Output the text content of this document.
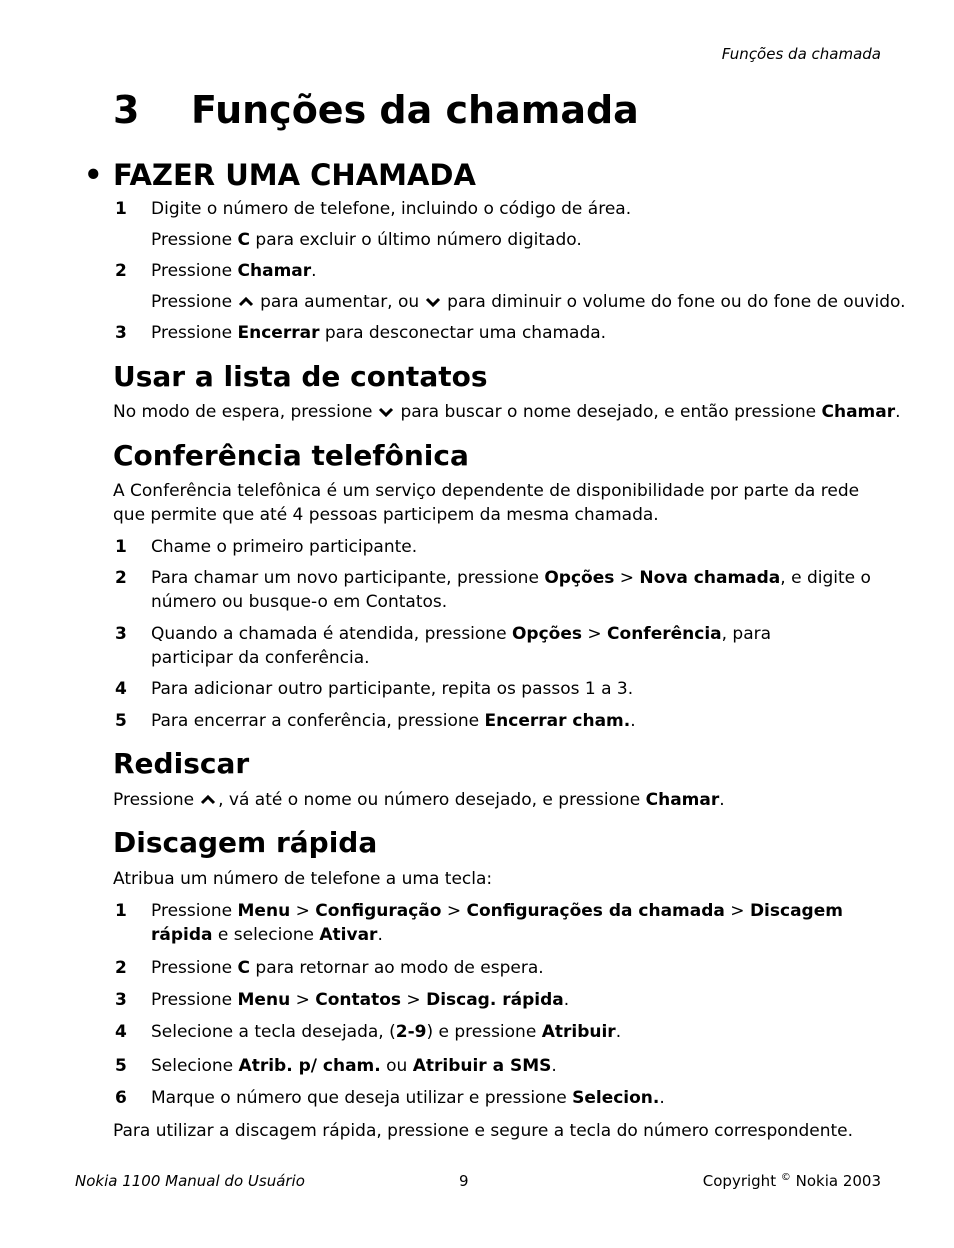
Funções da chamada
3 Funções da chamada
• FAZER UMA CHAMADA
1 Digite o número de telefone, incluindo o código de área.
Pressione C para excluir o último número digitado.
2 Pressione Chamar.
Pressione para aumentar, ou para diminuir o volume do fone ou do fone de ouvido.
3 Pressione Encerrar para desconectar uma chamada.
Usar a lista de contatos
No modo de espera, pressione para buscar o nome desejado, e então pressione Chamar.
Conferência telefônica
A Conferência telefônica é um serviço dependente de disponibilidade por parte da rede que permite que até 4 pessoas participem da mesma chamada.
1 Chame o primeiro participante.
2 Para chamar um novo participante, pressione Opções > Nova chamada, e digite o número ou busque-o em Contatos.
3 Quando a chamada é atendida, pressione Opções > Conferência, para participar da conferência.
4 Para adicionar outro participante, repita os passos 1 a 3.
5 Para encerrar a conferência, pressione Encerrar cham..
Rediscar
Pressione , vá até o nome ou número desejado, e pressione Chamar.
Discagem rápida
Atribua um número de telefone a uma tecla:
1 Pressione Menu > Configuração > Configurações da chamada > Discagem rápida e selecione Ativar.
2 Pressione C para retornar ao modo de espera.
3 Pressione Menu > Contatos > Discag. rápida.
4 Selecione a tecla desejada, (2-9) e pressione Atribuir.
5 Selecione Atrib. p/ cham. ou Atribuir a SMS.
6 Marque o número que deseja utilizar e pressione Selecion..
Para utilizar a discagem rápida, pressione e segure a tecla do número correspondente.
Nokia 1100 Manual do Usuário	9	Copyright © Nokia 2003
